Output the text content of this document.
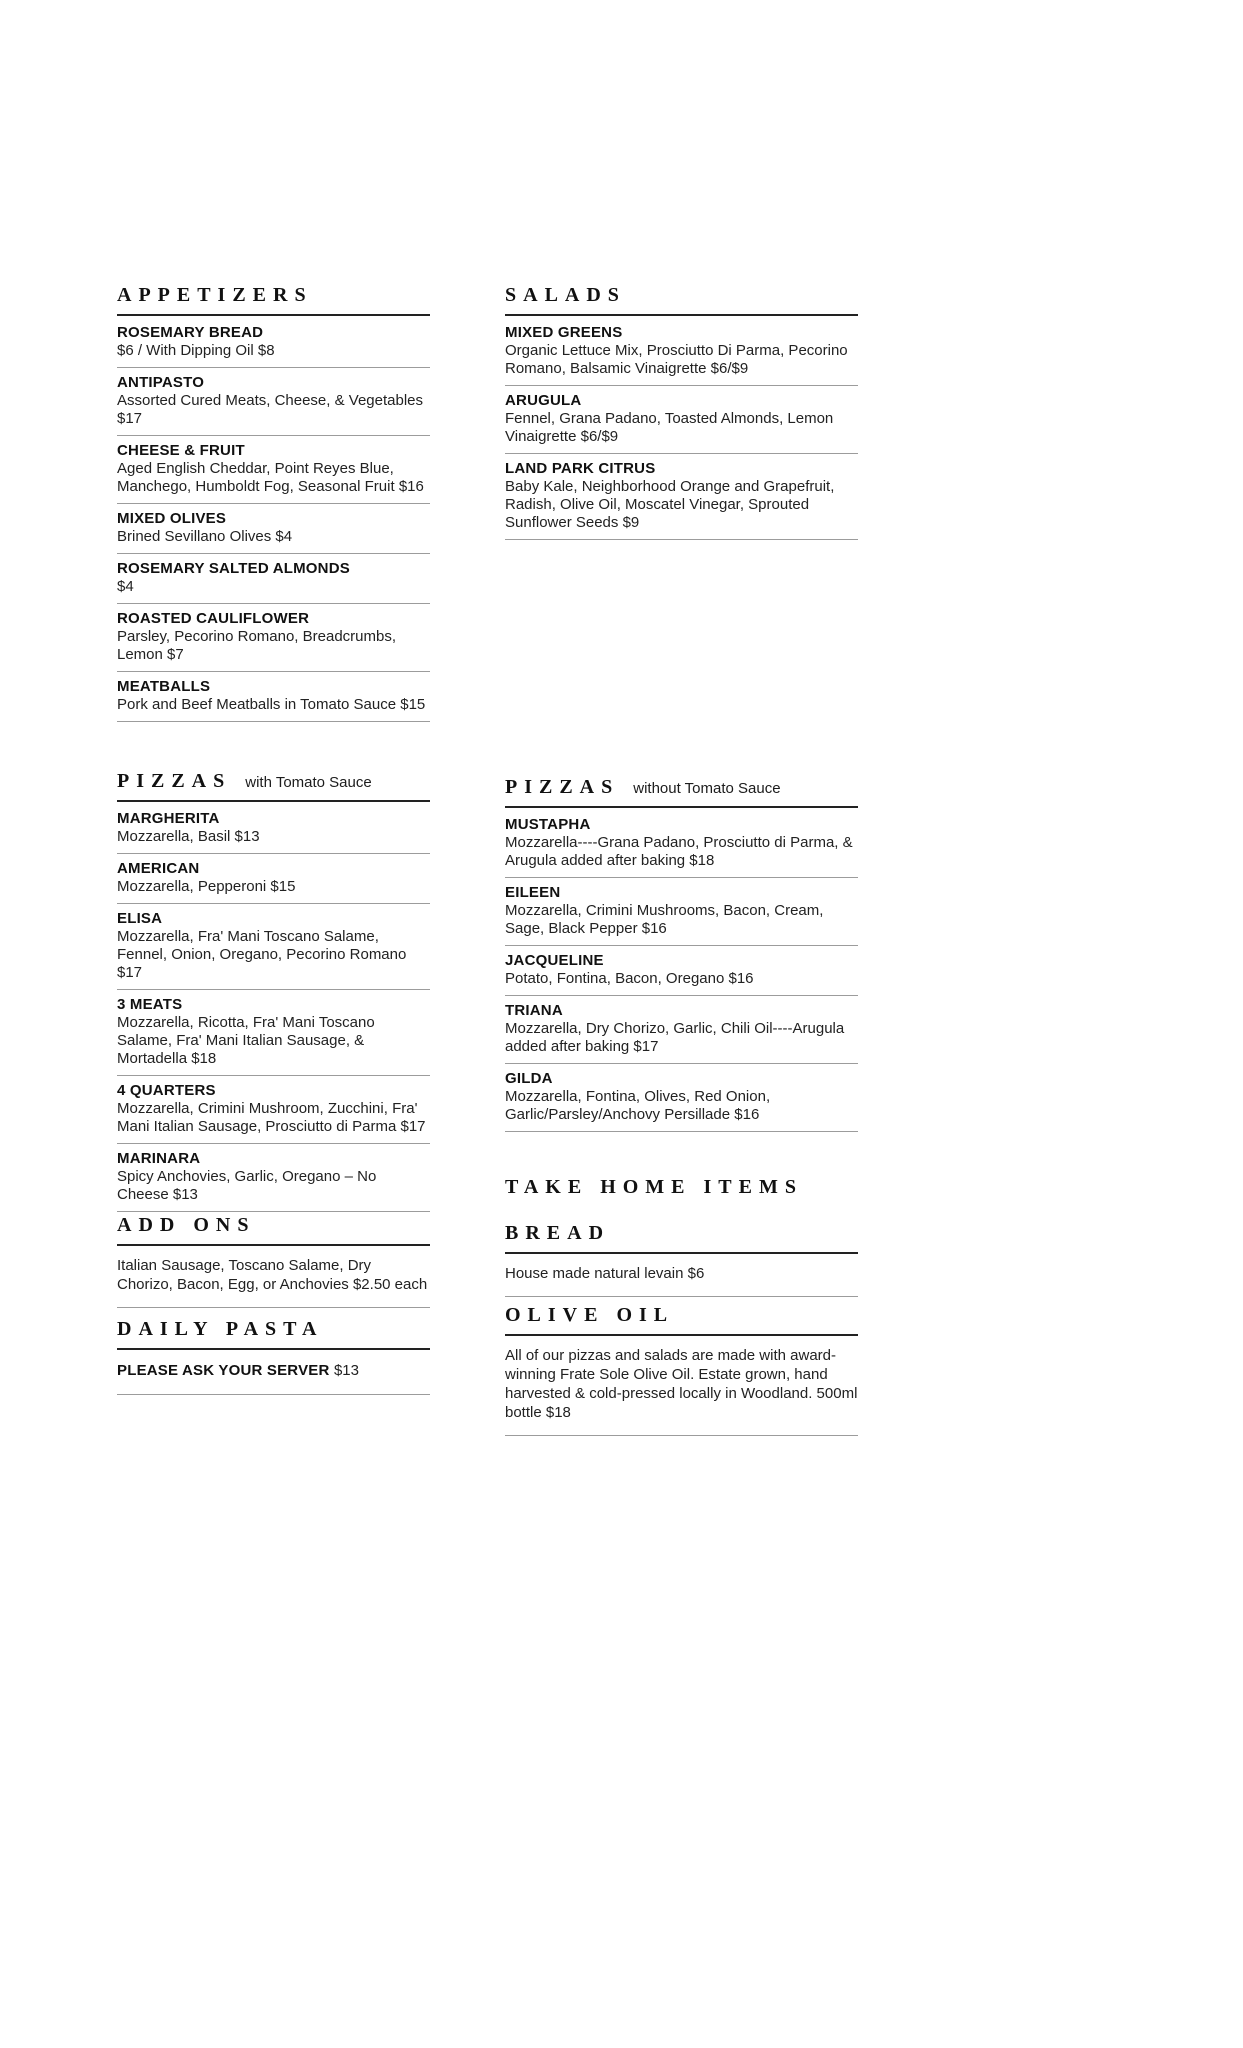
APPETIZERS
ROSEMARY BREAD
$6 / With Dipping Oil $8
ANTIPASTO
Assorted Cured Meats, Cheese, & Vegetables $17
CHEESE & FRUIT
Aged English Cheddar, Point Reyes Blue, Manchego, Humboldt Fog, Seasonal Fruit $16
MIXED OLIVES
Brined Sevillano Olives $4
ROSEMARY SALTED ALMONDS
$4
ROASTED CAULIFLOWER
Parsley, Pecorino Romano, Breadcrumbs, Lemon $7
MEATBALLS
Pork and Beef Meatballs in Tomato Sauce $15
SALADS
MIXED GREENS
Organic Lettuce Mix, Prosciutto Di Parma, Pecorino Romano, Balsamic Vinaigrette $6/$9
ARUGULA
Fennel, Grana Padano, Toasted Almonds, Lemon Vinaigrette $6/$9
LAND PARK CITRUS
Baby Kale, Neighborhood Orange and Grapefruit, Radish, Olive Oil, Moscatel Vinegar, Sprouted Sunflower Seeds $9
PIZZAS with Tomato Sauce
MARGHERITA
Mozzarella, Basil $13
AMERICAN
Mozzarella, Pepperoni $15
ELISA
Mozzarella, Fra' Mani Toscano Salame, Fennel, Onion, Oregano, Pecorino Romano $17
3 MEATS
Mozzarella, Ricotta, Fra' Mani Toscano Salame, Fra' Mani Italian Sausage, & Mortadella $18
4 QUARTERS
Mozzarella, Crimini Mushroom, Zucchini, Fra' Mani Italian Sausage, Prosciutto di Parma $17
MARINARA
Spicy Anchovies, Garlic, Oregano – No Cheese $13
PIZZAS without Tomato Sauce
MUSTAPHA
Mozzarella----Grana Padano, Prosciutto di Parma, & Arugula added after baking $18
EILEEN
Mozzarella, Crimini Mushrooms, Bacon, Cream, Sage, Black Pepper $16
JACQUELINE
Potato, Fontina, Bacon, Oregano $16
TRIANA
Mozzarella, Dry Chorizo, Garlic, Chili Oil----Arugula added after baking $17
GILDA
Mozzarella, Fontina, Olives, Red Onion, Garlic/Parsley/Anchovy Persillade $16
TAKE HOME ITEMS
ADD ONS
Italian Sausage, Toscano Salame, Dry Chorizo, Bacon, Egg, or Anchovies $2.50 each
BREAD
House made natural levain $6
DAILY PASTA
PLEASE ASK YOUR SERVER $13
OLIVE OIL
All of our pizzas and salads are made with award-winning Frate Sole Olive Oil. Estate grown, hand harvested & cold-pressed locally in Woodland. 500ml bottle $18
